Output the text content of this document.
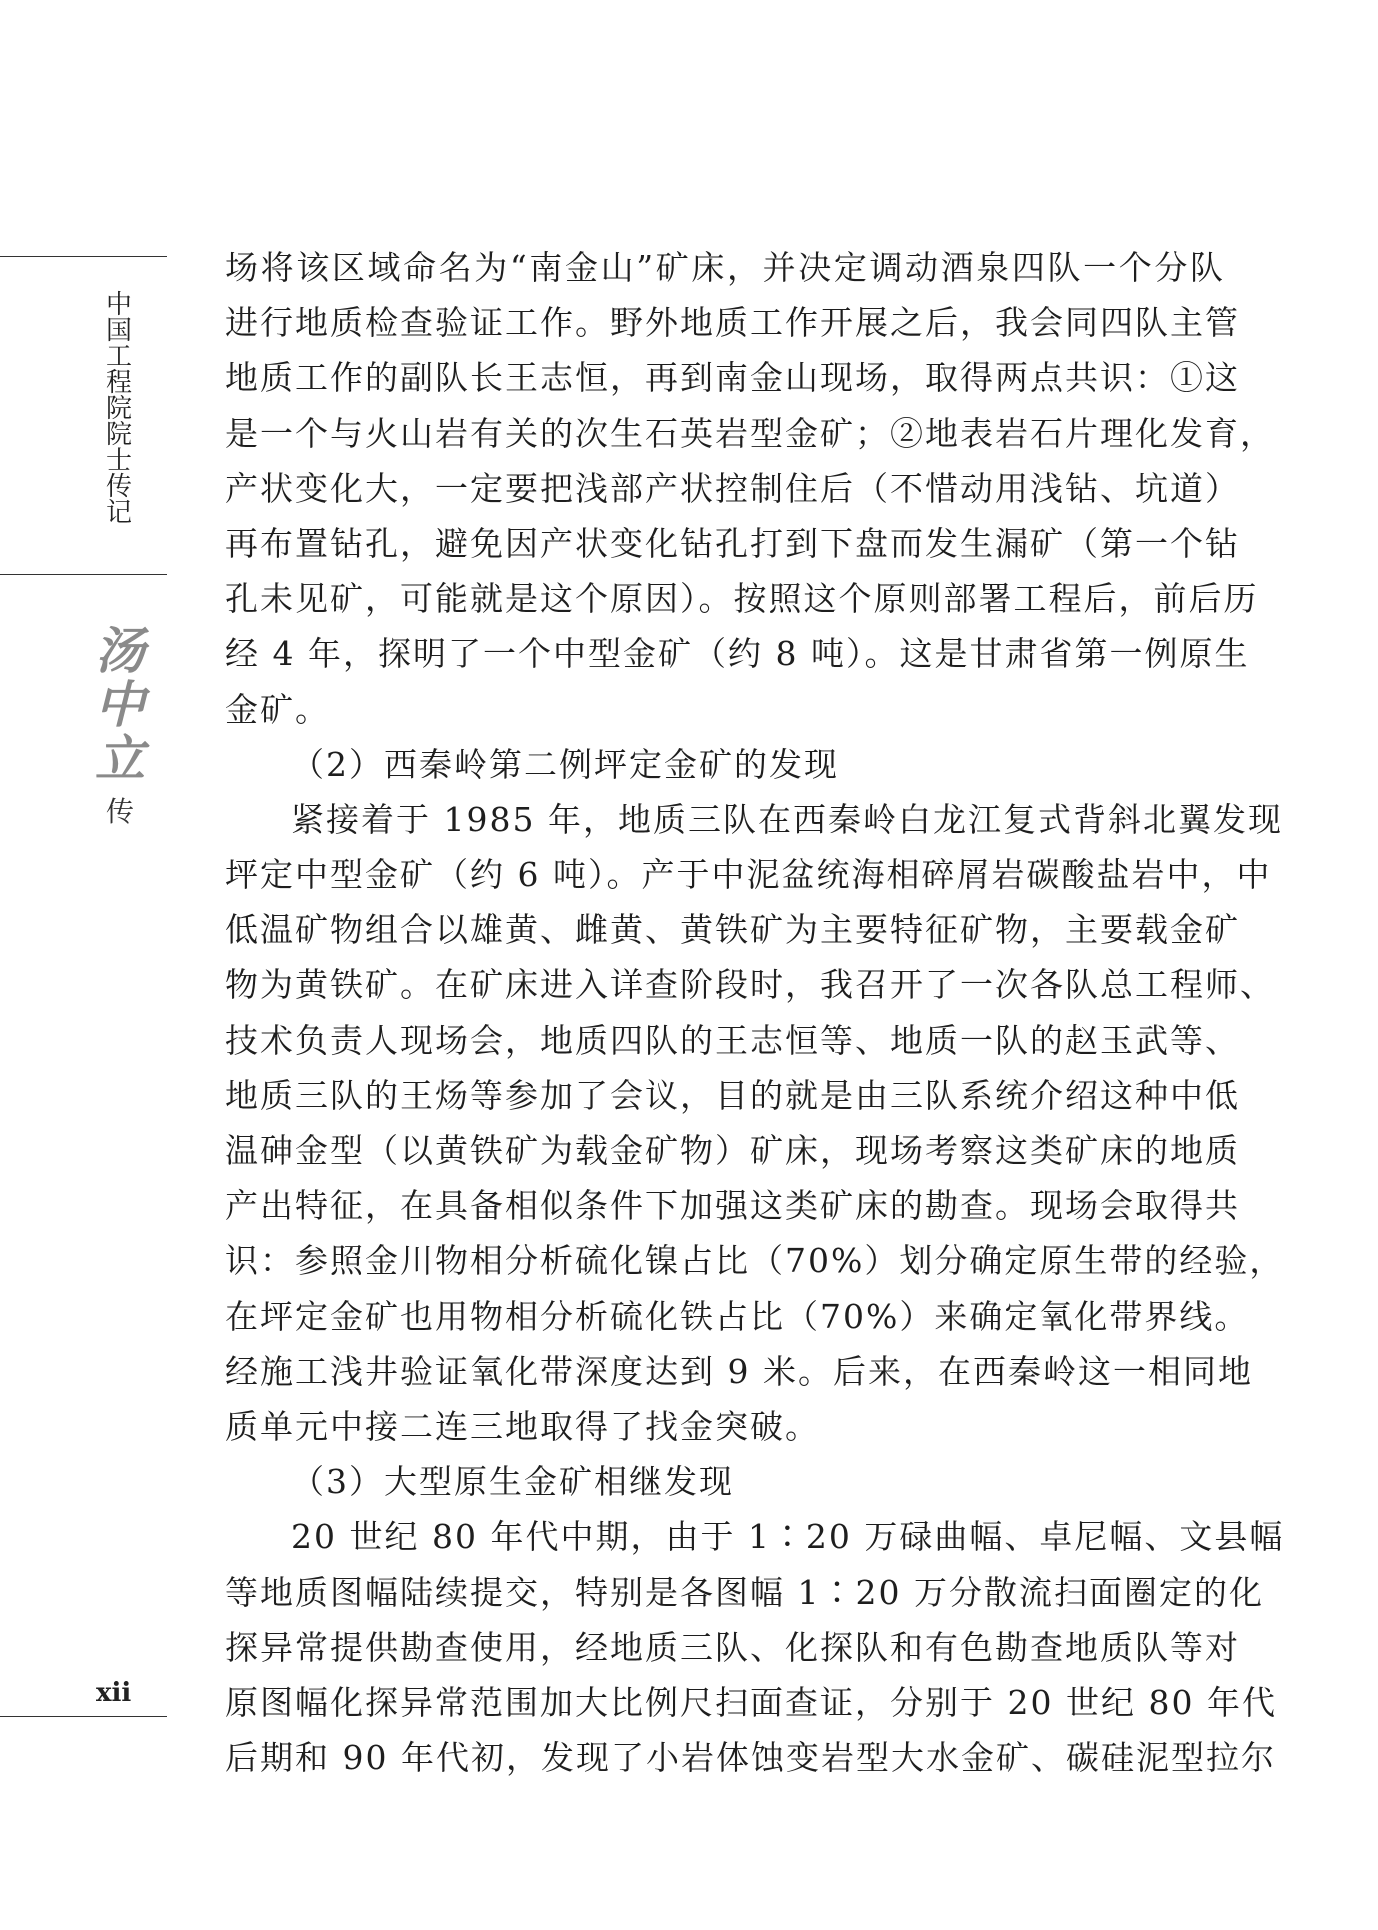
中
国
工
程
院
院
士
传
记
汤
中
立
传
xii
场将该区域命名为“南金山”矿床，并决定调动酒泉四队一个分队
进行地质检查验证工作。野外地质工作开展之后，我会同四队主管
地质工作的副队长王志恒，再到南金山现场，取得两点共识：①这
是一个与火山岩有关的次生石英岩型金矿；②地表岩石片理化发育，
产状变化大，一定要把浅部产状控制住后（不惜动用浅钻、坑道）
再布置钻孔，避免因产状变化钻孔打到下盘而发生漏矿（第一个钻
孔未见矿，可能就是这个原因）。按照这个原则部署工程后，前后历
经 4 年，探明了一个中型金矿（约 8 吨）。这是甘肃省第一例原生
金矿。
（2）西秦岭第二例坪定金矿的发现
紧接着于 1985 年，地质三队在西秦岭白龙江复式背斜北翼发现
坪定中型金矿（约 6 吨）。产于中泥盆统海相碎屑岩碳酸盐岩中，中
低温矿物组合以雄黄、雌黄、黄铁矿为主要特征矿物，主要载金矿
物为黄铁矿。在矿床进入详查阶段时，我召开了一次各队总工程师、
技术负责人现场会，地质四队的王志恒等、地质一队的赵玉武等、
地质三队的王炀等参加了会议，目的就是由三队系统介绍这种中低
温砷金型（以黄铁矿为载金矿物）矿床，现场考察这类矿床的地质
产出特征，在具备相似条件下加强这类矿床的勘查。现场会取得共
识：参照金川物相分析硫化镍占比（70%）划分确定原生带的经验，
在坪定金矿也用物相分析硫化铁占比（70%）来确定氧化带界线。
经施工浅井验证氧化带深度达到 9 米。后来，在西秦岭这一相同地
质单元中接二连三地取得了找金突破。
（3）大型原生金矿相继发现
20 世纪 80 年代中期，由于 1∶20 万碌曲幅、卓尼幅、文县幅
等地质图幅陆续提交，特别是各图幅 1∶20 万分散流扫面圈定的化
探异常提供勘查使用，经地质三队、化探队和有色勘查地质队等对
原图幅化探异常范围加大比例尺扫面查证，分别于 20 世纪 80 年代
后期和 90 年代初，发现了小岩体蚀变岩型大水金矿、碳硅泥型拉尔
